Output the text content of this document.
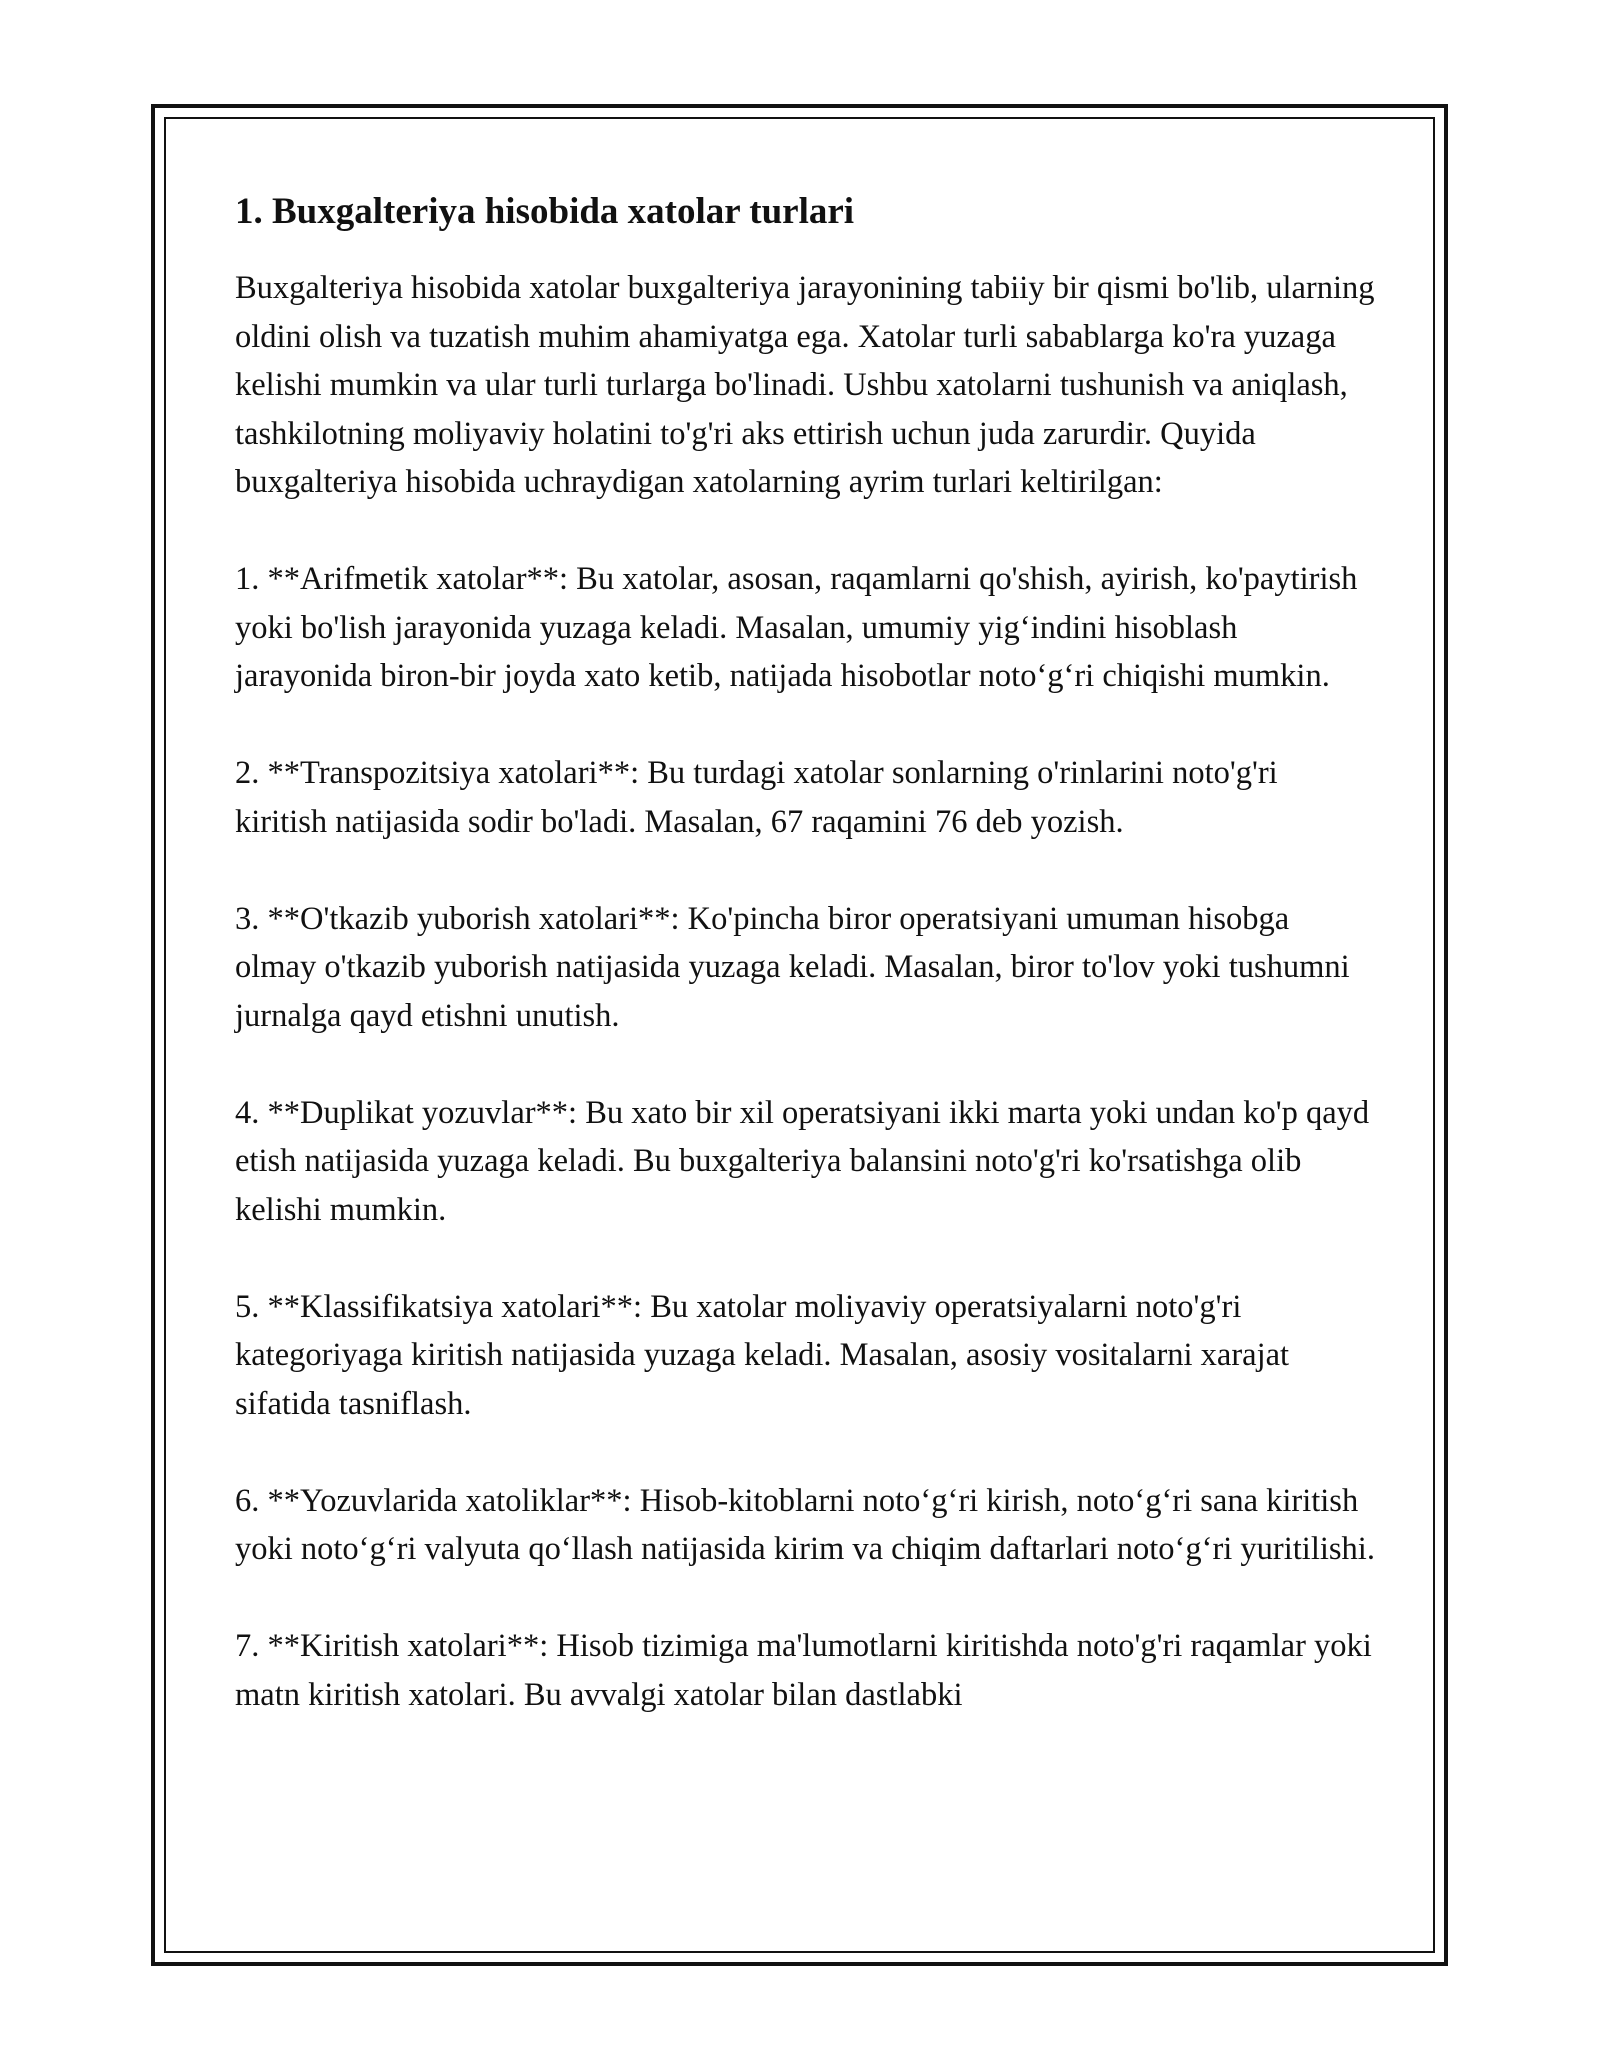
1. Buxgalteriya hisobida xatolar turlari

Buxgalteriya hisobida xatolar buxgalteriya jarayonining tabiiy bir qismi bo'lib, ularning oldini olish va tuzatish muhim ahamiyatga ega. Xatolar turli sabablarga ko'ra yuzaga kelishi mumkin va ular turli turlarga bo'linadi. Ushbu xatolarni tushunish va aniqlash, tashkilotning moliyaviy holatini to'g'ri aks ettirish uchun juda zarurdir. Quyida buxgalteriya hisobida uchraydigan xatolarning ayrim turlari keltirilgan:

1. **Arifmetik xatolar**: Bu xatolar, asosan, raqamlarni qo'shish, ayirish, ko'paytirish yoki bo'lish jarayonida yuzaga keladi. Masalan, umumiy yig‘indini hisoblash jarayonida biron-bir joyda xato ketib, natijada hisobotlar noto‘g‘ri chiqishi mumkin.

2. **Transpozitsiya xatolari**: Bu turdagi xatolar sonlarning o'rinlarini noto'g'ri kiritish natijasida sodir bo'ladi. Masalan, 67 raqamini 76 deb yozish.

3. **O'tkazib yuborish xatolari**: Ko'pincha biror operatsiyani umuman hisobga olmay o'tkazib yuborish natijasida yuzaga keladi. Masalan, biror to'lov yoki tushumni jurnalga qayd etishni unutish.

4. **Duplikat yozuvlar**: Bu xato bir xil operatsiyani ikki marta yoki undan ko'p qayd etish natijasida yuzaga keladi. Bu buxgalteriya balansini noto'g'ri ko'rsatishga olib kelishi mumkin.

5. **Klassifikatsiya xatolari**: Bu xatolar moliyaviy operatsiyalarni noto'g'ri kategoriyaga kiritish natijasida yuzaga keladi. Masalan, asosiy vositalarni xarajat sifatida tasniflash.

6. **Yozuvlarida xatoliklar**: Hisob-kitoblarni noto‘g‘ri kirish, noto‘g‘ri sana kiritish yoki noto‘g‘ri valyuta qo‘llash natijasida kirim va chiqim daftarlari noto‘g‘ri yuritilishi.

7. **Kiritish xatolari**: Hisob tizimiga ma'lumotlarni kiritishda noto'g'ri raqamlar yoki matn kiritish xatolari. Bu avvalgi xatolar bilan dastlabki
